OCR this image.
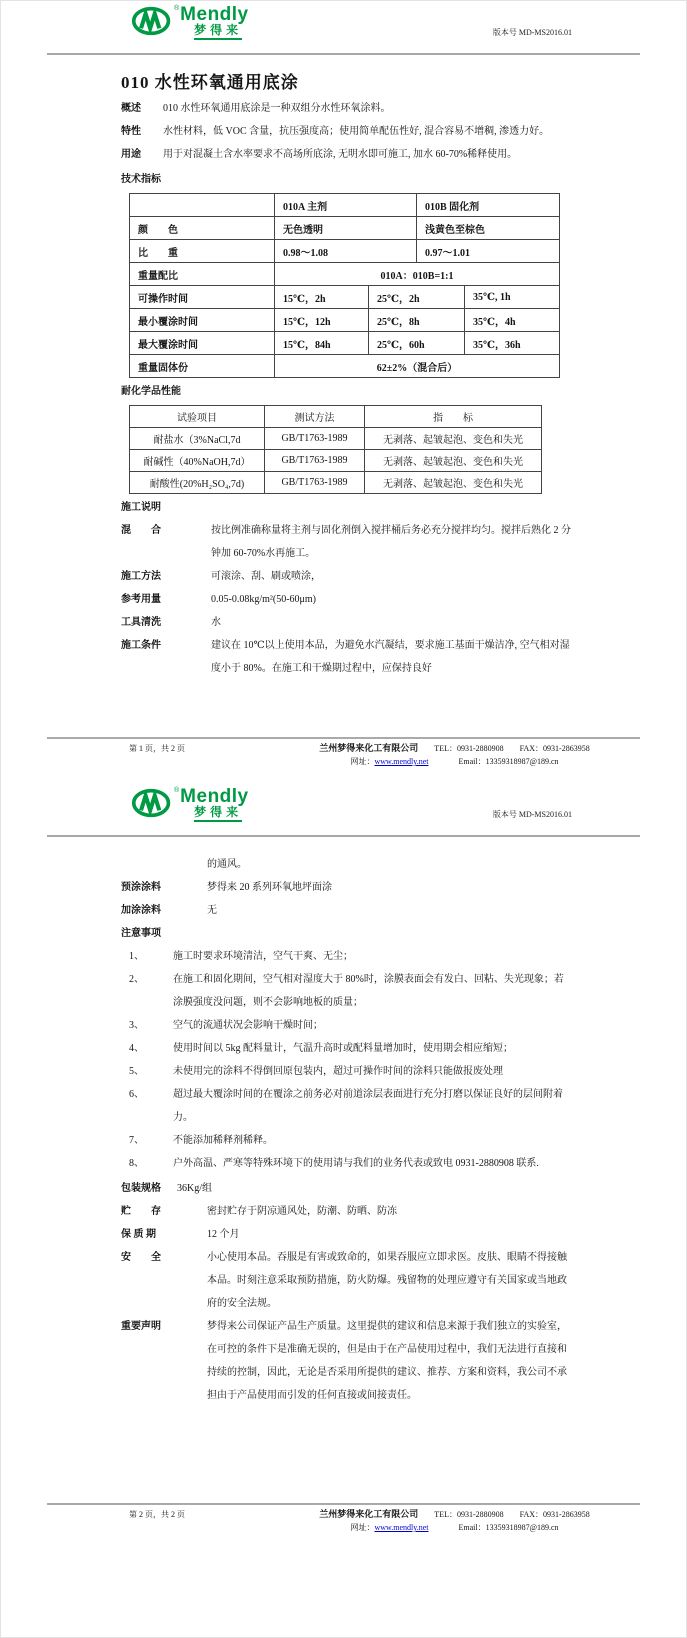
® Mendly
梦得来	版本号 MD-MS2016.01
010 水性环氧通用底涂
概述	010 水性环氧通用底涂是一种双组分水性环氧涂料。
特性	水性材料，低 VOC 含量，抗压强度高；使用简单配伍性好, 混合容易不增稠, 渗透力好。
用途	用于对混凝土含水率要求不高场所底涂, 无明水即可施工, 加水 60-70%稀释使用。
技术指标
	010A 主剂		010B 固化剂	
颜　　色	无色透明		浅黄色至棕色	
比　　重	0.98～1.08		0.97～1.01	
重量配比	010A：010B=1:1			
可操作时间	15℃，2h	25℃，2h		35℃, 1h
最小覆涂时间	15℃，12h	25℃，8h		35℃，4h
最大覆涂时间	15℃，84h	25℃，60h		35℃，36h
重量固体份	62±2%（混合后）			
耐化学品性能
试验项目	测试方法	指　　标
耐盐水（3%NaCl,7d	GB/T1763-1989	无剥落、起皱起泡、变色和失光
耐碱性（40%NaOH,7d）	GB/T1763-1989	无剥落、起皱起泡、变色和失光
耐酸性(20%H₂SO₄,7d)	GB/T1763-1989	无剥落、起皱起泡、变色和失光
施工说明
混　　合	按比例准确称量将主剂与固化剂倒入搅拌桶后务必充分搅拌均匀。搅拌后熟化 2 分钟加 60-70%水再施工。
施工方法	可滚涂、刮、刷或喷涂，
参考用量	0.05-0.08kg/m²(50-60μm)
工具清洗	水
施工条件	建议在 10℃以上使用本品，为避免水汽凝结，要求施工基面干燥洁净, 空气相对湿度小于 80%。在施工和干燥期过程中，应保持良好
第 1 页，共 2 页	兰州梦得来化工有限公司 TEL：0931-2880908 FAX：0931-2863958
网址：www.mendly.net	Email：13359318987@189.cn
® Mendly
梦得来	版本号 MD-MS2016.01
的通风。
预涂涂料	梦得来 20 系列环氧地坪面涂
加涂涂料	无
注意事项
1、	施工时要求环境清洁，空气干爽、无尘；
2、	在施工和固化期间，空气相对湿度大于 80%时，涂膜表面会有发白、回粘、失光现象；若涂膜强度没问题，则不会影响地板的质量；
3、	空气的流通状况会影响干燥时间；
4、	使用时间以 5kg 配料量计，气温升高时或配料量增加时，使用期会相应缩短；
5、	未使用完的涂料不得倒回原包装内，超过可操作时间的涂料只能做报废处理
6、	超过最大覆涂时间的在覆涂之前务必对前道涂层表面进行充分打磨以保证良好的层间附着力。
7、	不能添加稀释剂稀释。
8、	户外高温、严寒等特殊环境下的使用请与我们的业务代表或致电 0931-2880908 联系.
包装规格	36Kg/组
贮　　存	密封贮存于阴凉通风处，防潮、防晒、防冻
保 质 期	12 个月
安　　全	小心使用本品。吞服是有害或致命的，如果吞服应立即求医。皮肤、眼睛不得接触本品。时刻注意采取预防措施，防火防爆。残留物的处理应遵守有关国家或当地政府的安全法规。
重要声明	梦得来公司保证产品生产质量。这里提供的建议和信息来源于我们独立的实验室，在可控的条件下是准确无误的，但是由于在产品使用过程中，我们无法进行直接和持续的控制，因此，无论是否采用所提供的建议、推荐、方案和资料，我公司不承担由于产品使用而引发的任何直接或间接责任。
第 2 页，共 2 页	兰州梦得来化工有限公司 TEL：0931-2880908 FAX：0931-2863958
网址：www.mendly.net	Email：13359318987@189.cn
